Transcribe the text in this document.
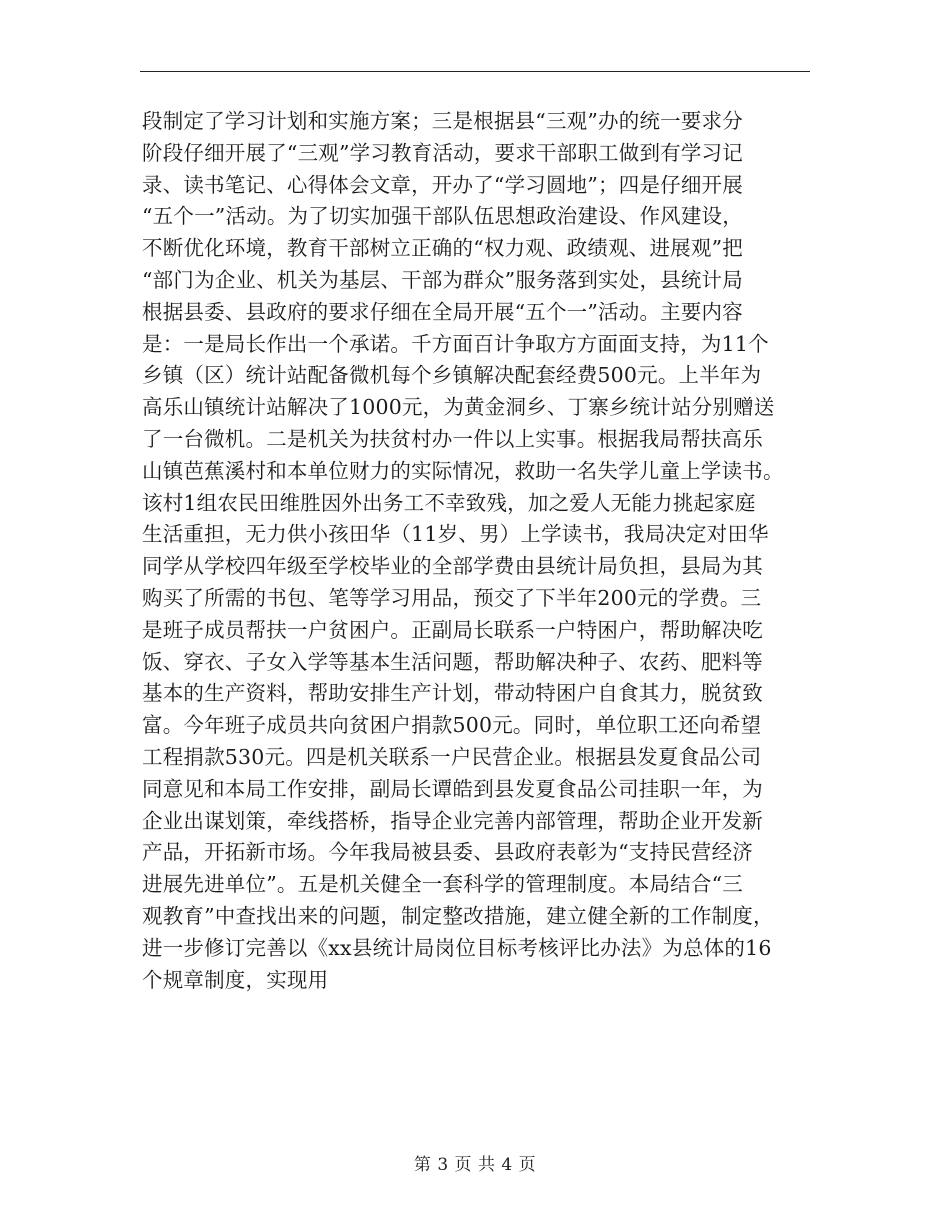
段制定了学习计划和实施方案；三是根据县“三观”办的统一要求分
阶段仔细开展了“三观”学习教育活动，要求干部职工做到有学习记
录、读书笔记、心得体会文章，开办了“学习圆地”；四是仔细开展
“五个一”活动。为了切实加强干部队伍思想政治建设、作风建设，
不断优化环境，教育干部树立正确的“权力观、政绩观、进展观”把
“部门为企业、机关为基层、干部为群众”服务落到实处，县统计局
根据县委、县政府的要求仔细在全局开展“五个一”活动。主要内容
是：一是局长作出一个承诺。千方面百计争取方方面面支持，为11个
乡镇（区）统计站配备微机每个乡镇解决配套经费500元。上半年为
高乐山镇统计站解决了1000元，为黄金洞乡、丁寨乡统计站分别赠送
了一台微机。二是机关为扶贫村办一件以上实事。根据我局帮扶高乐
山镇芭蕉溪村和本单位财力的实际情况，救助一名失学儿童上学读书。
该村1组农民田维胜因外出务工不幸致残，加之爱人无能力挑起家庭
生活重担，无力供小孩田华（11岁、男）上学读书，我局决定对田华
同学从学校四年级至学校毕业的全部学费由县统计局负担，县局为其
购买了所需的书包、笔等学习用品，预交了下半年200元的学费。三
是班子成员帮扶一户贫困户。正副局长联系一户特困户，帮助解决吃
饭、穿衣、子女入学等基本生活问题，帮助解决种子、农药、肥料等
基本的生产资料，帮助安排生产计划，带动特困户自食其力，脱贫致
富。今年班子成员共向贫困户捐款500元。同时，单位职工还向希望
工程捐款530元。四是机关联系一户民营企业。根据县发夏食品公司
同意见和本局工作安排，副局长谭皓到县发夏食品公司挂职一年，为
企业出谋划策，牵线搭桥，指导企业完善内部管理，帮助企业开发新
产品，开拓新市场。今年我局被县委、县政府表彰为“支持民营经济
进展先进单位”。五是机关健全一套科学的管理制度。本局结合“三
观教育”中查找出来的问题，制定整改措施，建立健全新的工作制度，
进一步修订完善以《xx县统计局岗位目标考核评比办法》为总体的16
个规章制度，实现用
第 3 页 共 4 页
